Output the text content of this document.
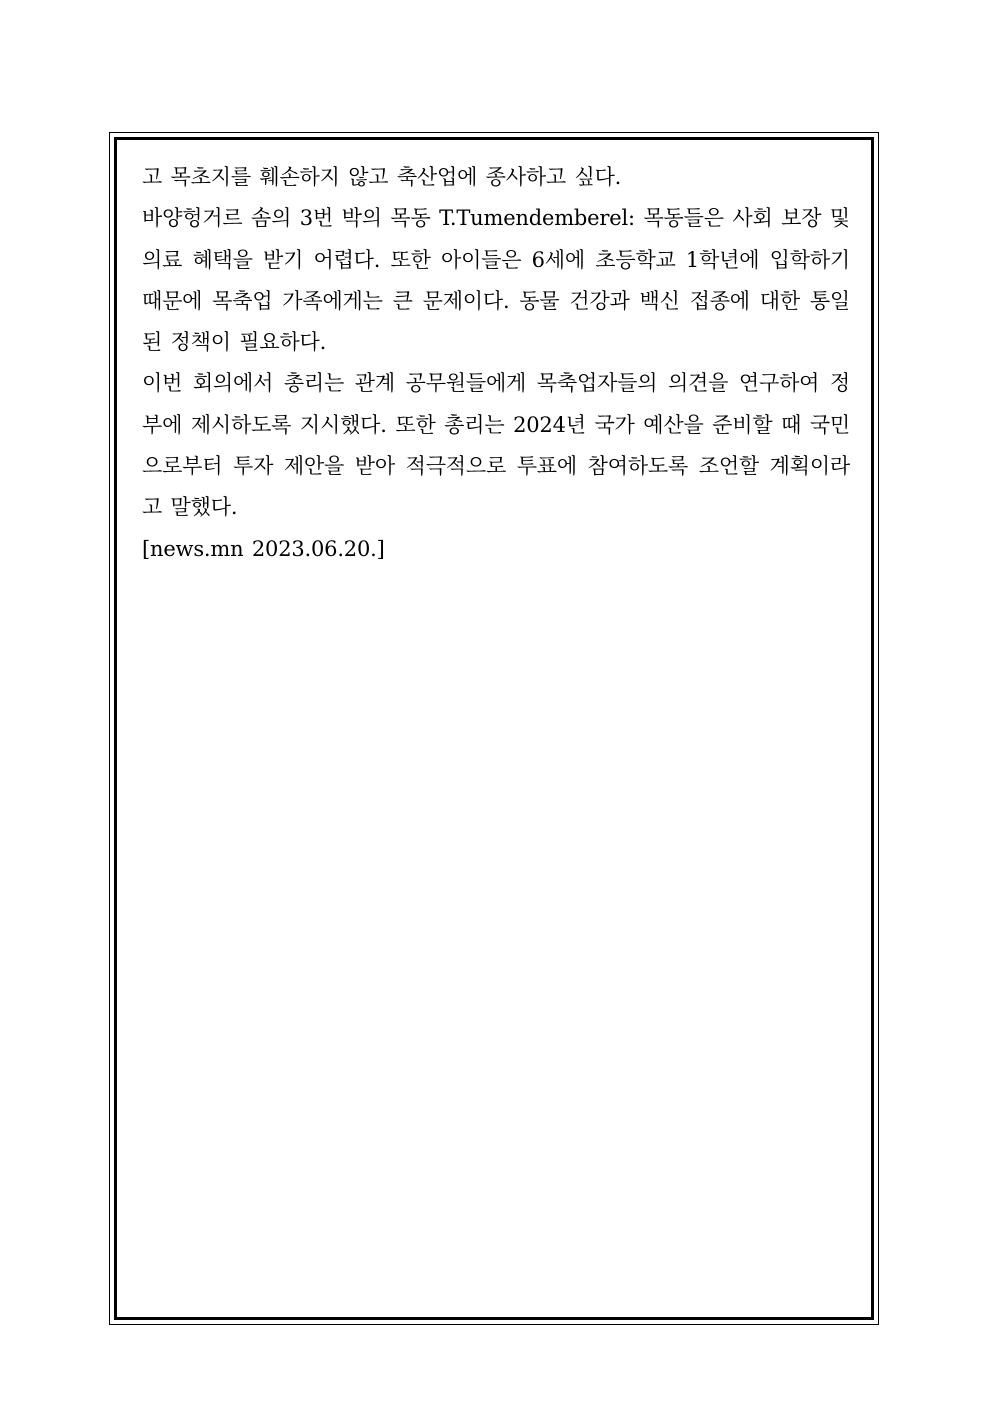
고 목초지를 훼손하지 않고 축산업에 종사하고 싶다.

바양헝거르 솜의 3번 박의 목동 T.Tumendemberel: 목동들은 사회 보장 및 의료 혜택을 받기 어렵다. 또한 아이들은 6세에 초등학교 1학년에 입학하기 때문에 목축업 가족에게는 큰 문제이다. 동물 건강과 백신 접종에 대한 통일된 정책이 필요하다.

이번 회의에서 총리는 관계 공무원들에게 목축업자들의 의견을 연구하여 정부에 제시하도록 지시했다. 또한 총리는 2024년 국가 예산을 준비할 때 국민으로부터 투자 제안을 받아 적극적으로 투표에 참여하도록 조언할 계획이라고 말했다.

[news.mn 2023.06.20.]
